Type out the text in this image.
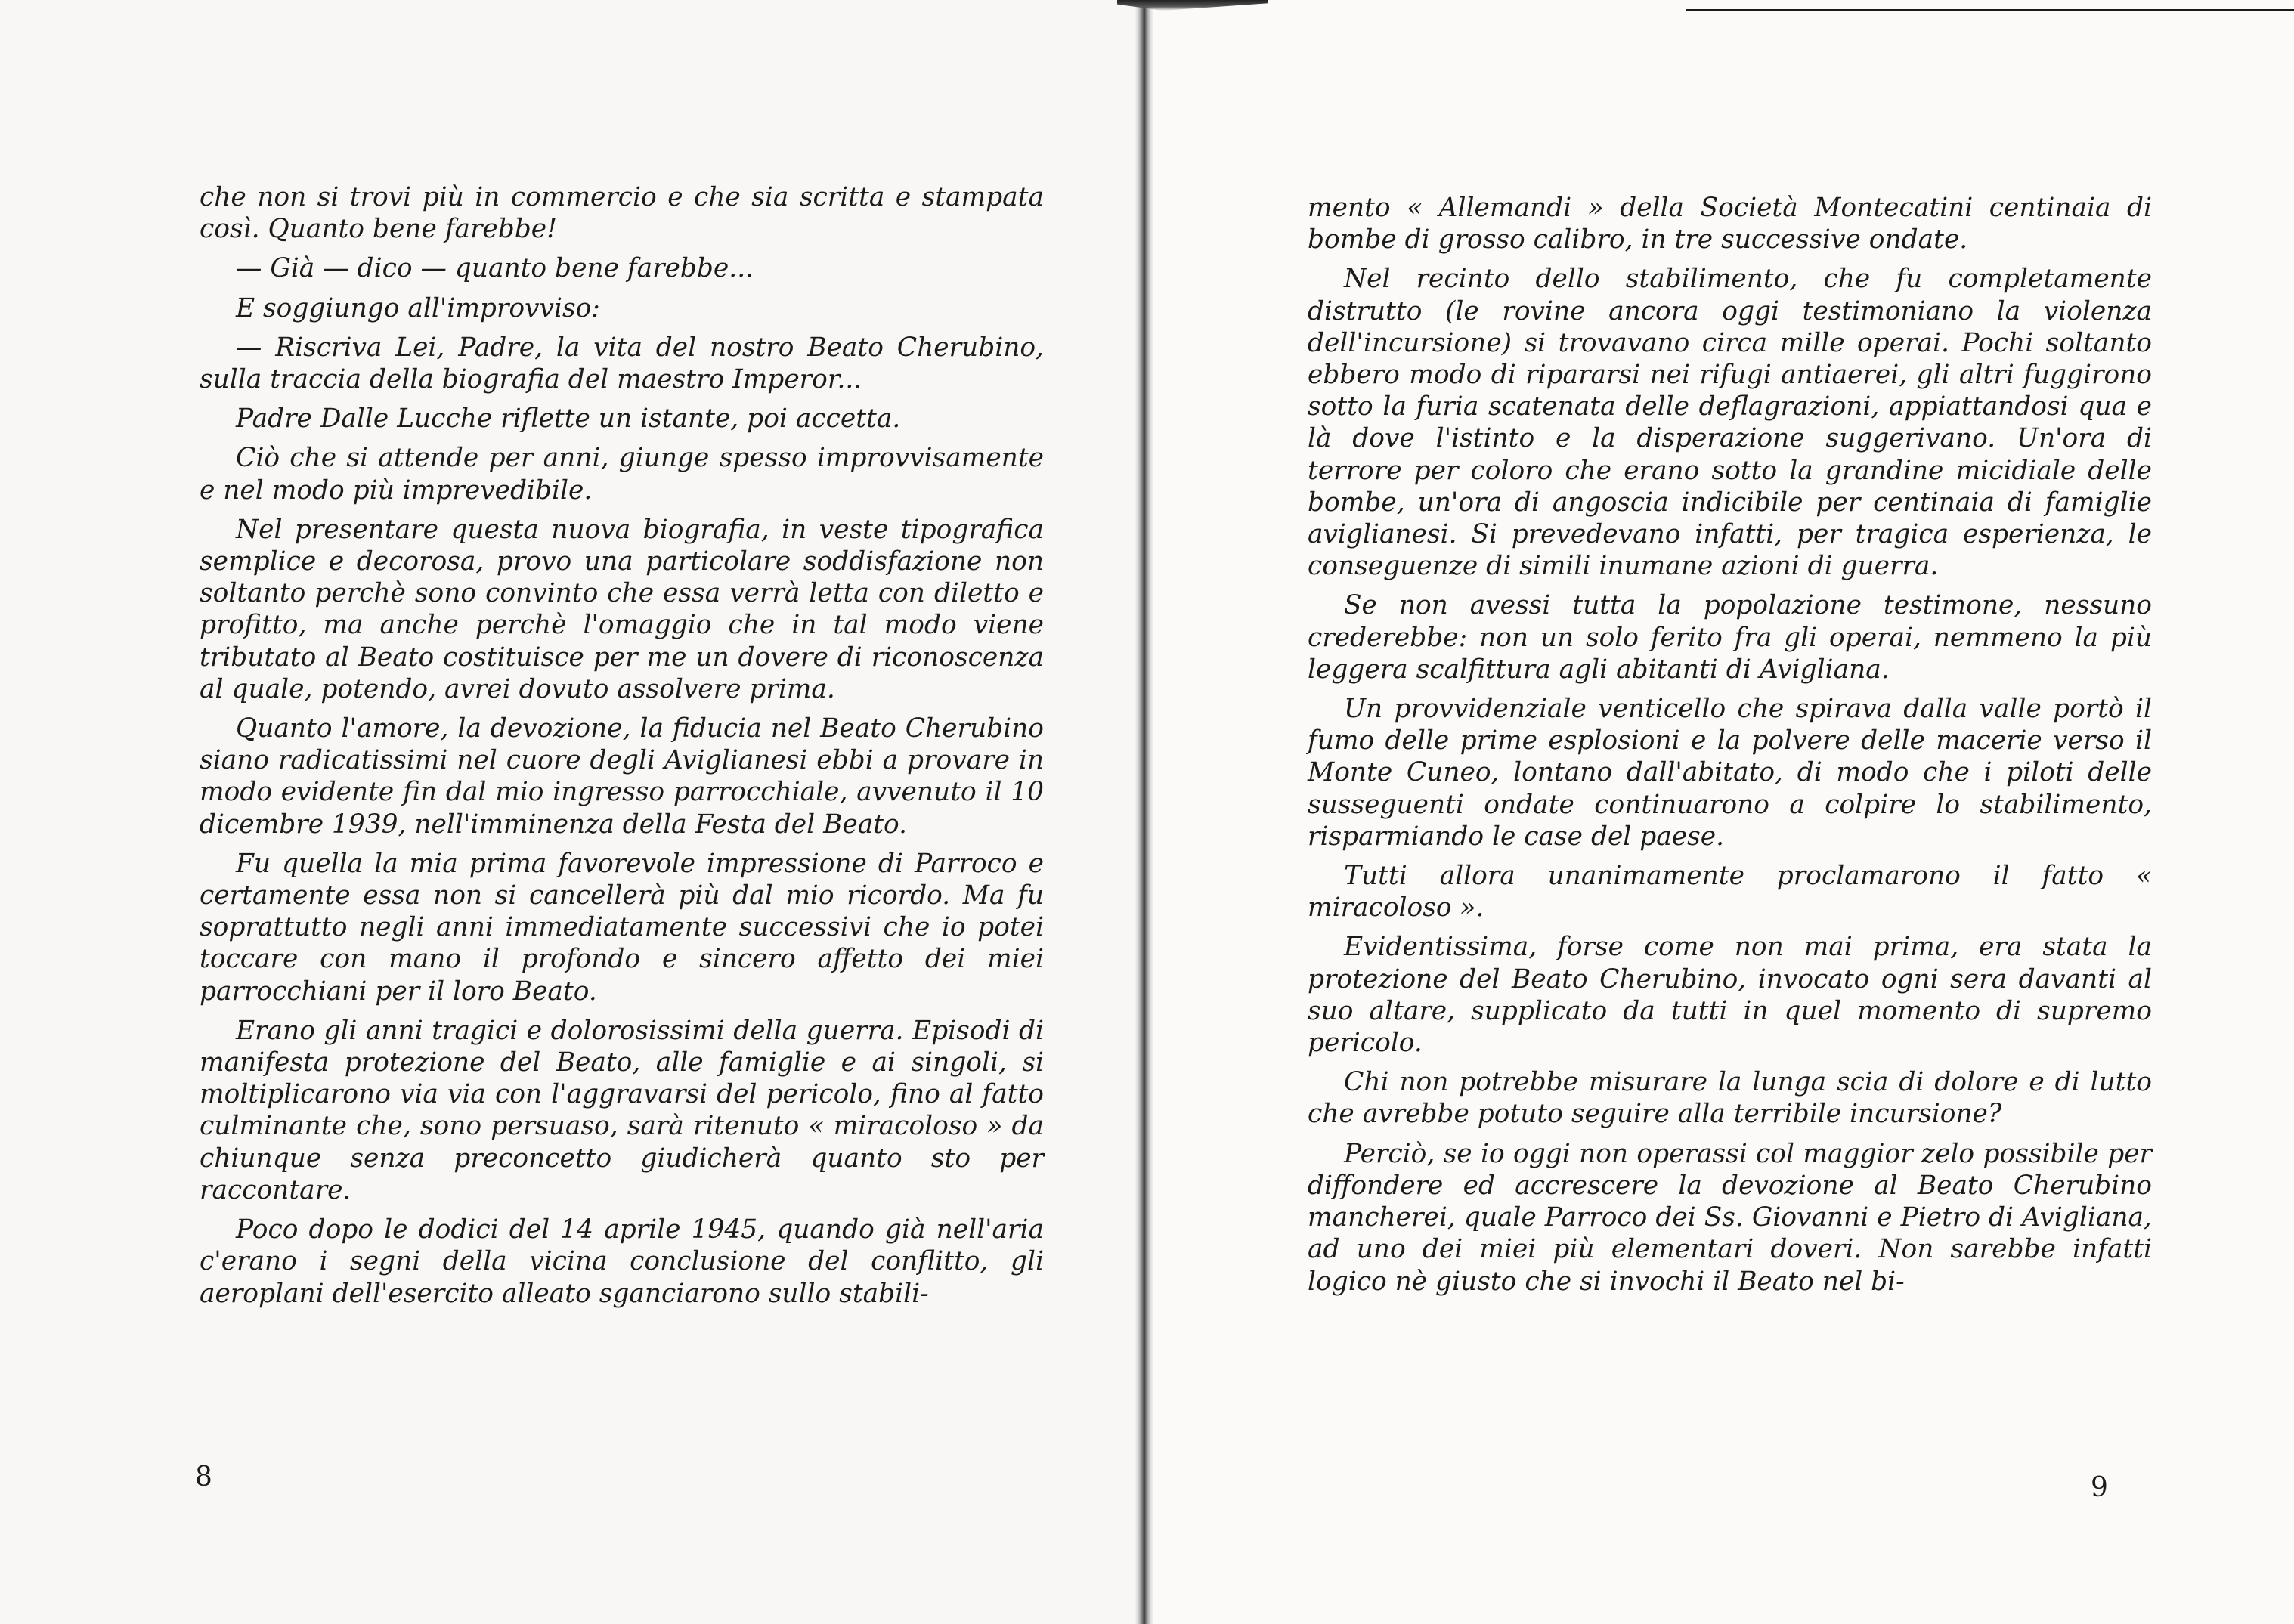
che non si trovi più in commercio e che sia scritta e stampata così. Quanto bene farebbe!

— Già — dico — quanto bene farebbe...

E soggiungo all'improvviso:

— Riscriva Lei, Padre, la vita del nostro Beato Cherubino, sulla traccia della biografia del maestro Imperor...

Padre Dalle Lucche riflette un istante, poi accetta.

Ciò che si attende per anni, giunge spesso improvvisamente e nel modo più imprevedibile.

Nel presentare questa nuova biografia, in veste tipografica semplice e decorosa, provo una particolare soddisfazione non soltanto perchè sono convinto che essa verrà letta con diletto e profitto, ma anche perchè l'omaggio che in tal modo viene tributato al Beato costituisce per me un dovere di riconoscenza al quale, potendo, avrei dovuto assolvere prima.

Quanto l'amore, la devozione, la fiducia nel Beato Cherubino siano radicatissimi nel cuore degli Aviglianesi ebbi a provare in modo evidente fin dal mio ingresso parrocchiale, avvenuto il 10 dicembre 1939, nell'imminenza della Festa del Beato.

Fu quella la mia prima favorevole impressione di Parroco e certamente essa non si cancellerà più dal mio ricordo. Ma fu soprattutto negli anni immediatamente successivi che io potei toccare con mano il profondo e sincero affetto dei miei parrocchiani per il loro Beato.

Erano gli anni tragici e dolorosissimi della guerra. Episodi di manifesta protezione del Beato, alle famiglie e ai singoli, si moltiplicarono via via con l'aggravarsi del pericolo, fino al fatto culminante che, sono persuaso, sarà ritenuto « miracoloso » da chiunque senza preconcetto giudicherà quanto sto per raccontare.

Poco dopo le dodici del 14 aprile 1945, quando già nell'aria c'erano i segni della vicina conclusione del conflitto, gli aeroplani dell'esercito alleato sganciarono sullo stabili-

8

mento « Allemandi » della Società Montecatini centinaia di bombe di grosso calibro, in tre successive ondate.

Nel recinto dello stabilimento, che fu completamente distrutto (le rovine ancora oggi testimoniano la violenza dell'incursione) si trovavano circa mille operai. Pochi soltanto ebbero modo di ripararsi nei rifugi antiaerei, gli altri fuggirono sotto la furia scatenata delle deflagrazioni, appiattandosi qua e là dove l'istinto e la disperazione suggerivano. Un'ora di terrore per coloro che erano sotto la grandine micidiale delle bombe, un'ora di angoscia indicibile per centinaia di famiglie aviglianesi. Si prevedevano infatti, per tragica esperienza, le conseguenze di simili inumane azioni di guerra.

Se non avessi tutta la popolazione testimone, nessuno crederebbe: non un solo ferito fra gli operai, nemmeno la più leggera scalfittura agli abitanti di Avigliana.

Un provvidenziale venticello che spirava dalla valle portò il fumo delle prime esplosioni e la polvere delle macerie verso il Monte Cuneo, lontano dall'abitato, di modo che i piloti delle susseguenti ondate continuarono a colpire lo stabilimento, risparmiando le case del paese.

Tutti allora unanimamente proclamarono il fatto « miracoloso ».

Evidentissima, forse come non mai prima, era stata la protezione del Beato Cherubino, invocato ogni sera davanti al suo altare, supplicato da tutti in quel momento di supremo pericolo.

Chi non potrebbe misurare la lunga scia di dolore e di lutto che avrebbe potuto seguire alla terribile incursione?

Perciò, se io oggi non operassi col maggior zelo possibile per diffondere ed accrescere la devozione al Beato Cherubino mancherei, quale Parroco dei Ss. Giovanni e Pietro di Avigliana, ad uno dei miei più elementari doveri. Non sarebbe infatti logico nè giusto che si invochi il Beato nel bi-

9
